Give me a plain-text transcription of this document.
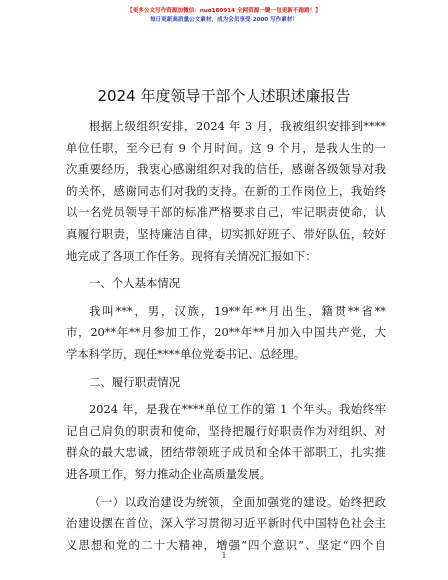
【更多公文写作资源加微信：nuo180914 全网资源一键一包更新不跑路！】
每日更新高质量公文素材，成为会员享受 2000 写作素材！
2024 年度领导干部个人述职述廉报告
根据上级组织安排，2024 年 3 月，我被组织安排到****
单位任职，至今已有 9 个月时间。这 9 个月，是我人生的一
次重要经历，我衷心感谢组织对我的信任，感谢各级领导对我
的关怀，感谢同志们对我的支持。在新的工作岗位上，我始终
以一名党员领导干部的标准严格要求自己，牢记职责使命，认
真履行职责，坚持廉洁自律，切实抓好班子、带好队伍，较好
地完成了各项工作任务。现将有关情况汇报如下：
一、个人基本情况
我叫***，男，汉族，19**年**月出生，籍贯**省**
市，20**年**月参加工作，20**年**月加入中国共产党，大
学本科学历，现任****单位党委书记、总经理。
二、履行职责情况
2024 年，是我在****单位工作的第 1 个年头。我始终牢
记自己肩负的职责和使命，坚持把履行好职责作为对组织、对
群众的最大忠诚，团结带领班子成员和全体干部职工，扎实推
进各项工作，努力推动企业高质量发展。
（一）以政治建设为统领，全面加强党的建设。始终把政
治建设摆在首位，深入学习贯彻习近平新时代中国特色社会主
义思想和党的二十大精神，增强“四个意识”、坚定“四个自
1
